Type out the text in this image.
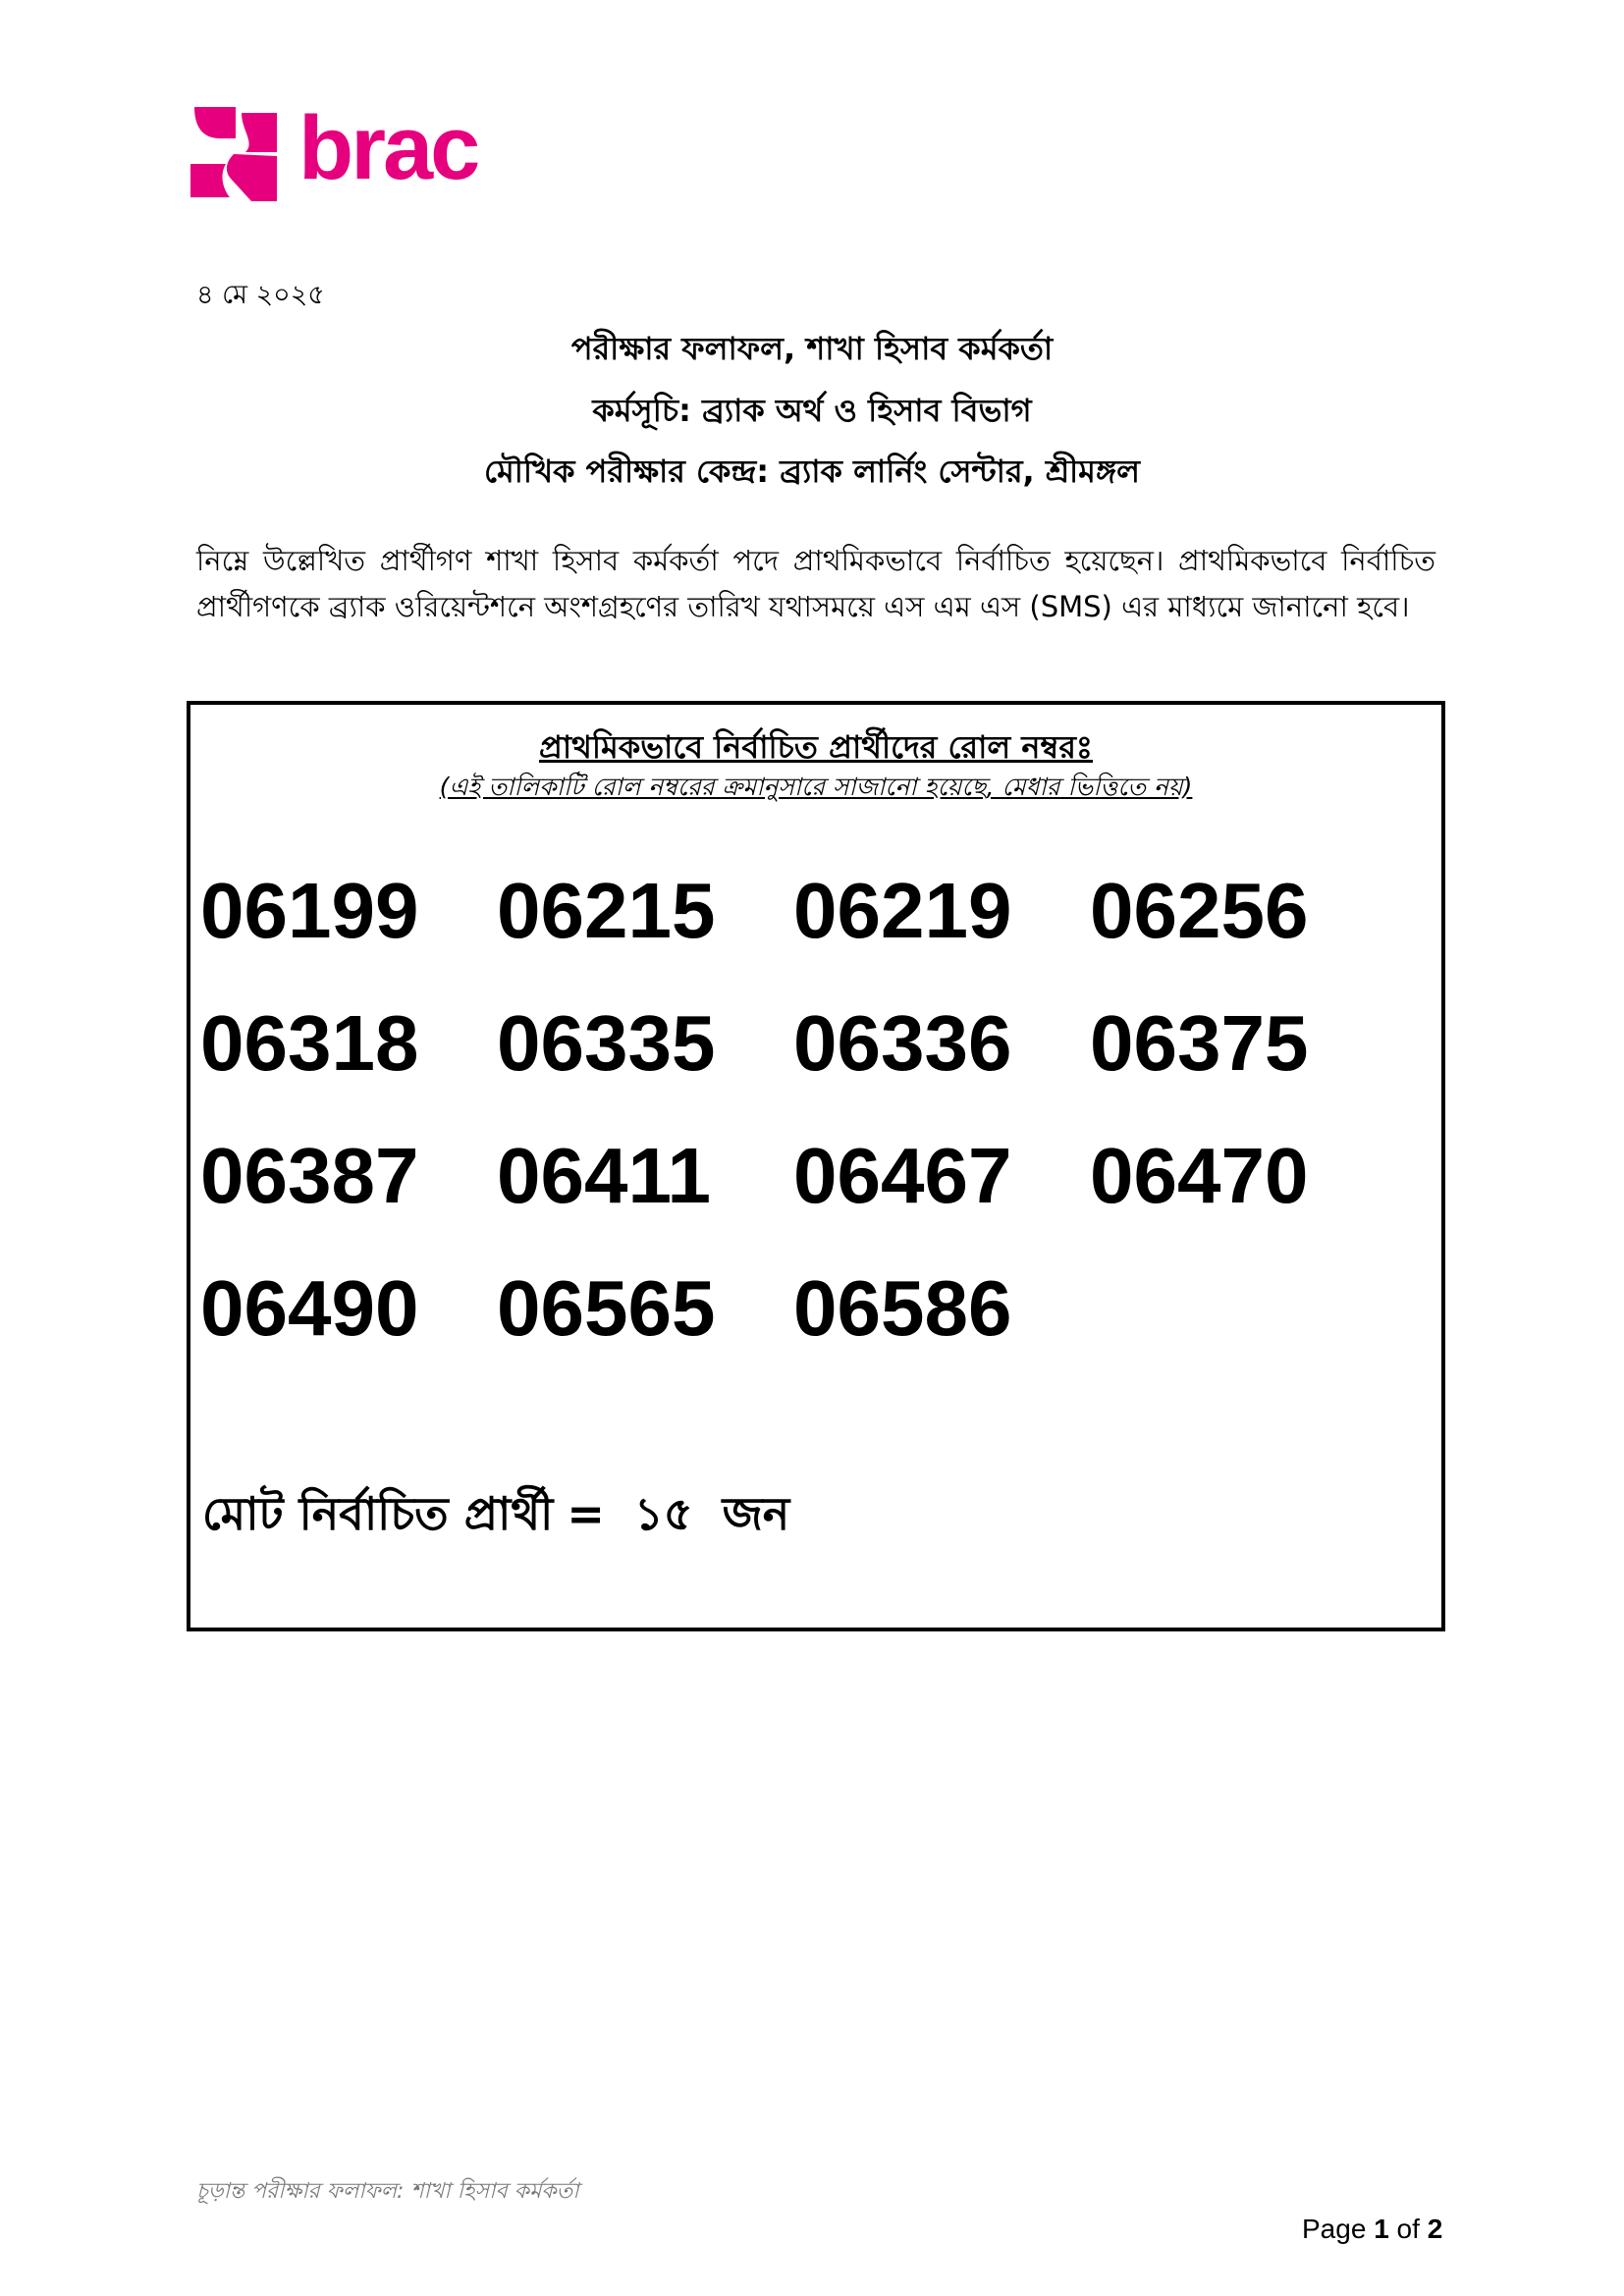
brac
৪ মে ২০২৫
পরীক্ষার ফলাফল, শাখা হিসাব কর্মকর্তা
কর্মসূচি: ব্র্যাক অর্থ ও হিসাব বিভাগ
মৌখিক পরীক্ষার কেন্দ্র: ব্র্যাক লার্নিং সেন্টার, শ্রীমঙ্গল
নিম্নে উল্লেখিত প্রার্থীগণ শাখা হিসাব কর্মকর্তা পদে প্রাথমিকভাবে নির্বাচিত হয়েছেন। প্রাথমিকভাবে নির্বাচিত প্রার্থীগণকে ব্র্যাক ওরিয়েন্টশনে অংশগ্রহণের তারিখ যথাসময়ে এস এম এস (SMS) এর মাধ্যমে জানানো হবে।
প্রাথমিকভাবে নির্বাচিত প্রার্থীদের রোল নম্বরঃ
(এই তালিকাটি রোল নম্বরের ক্রমানুসারে সাজানো হয়েছে, মেধার ভিত্তিতে নয়)
06199 06215 06219 06256
06318 06335 06336 06375
06387 06411	06467 06470
06490 06565 06586
মোট নির্বাচিত প্রার্থী = ১৫ জন
চূড়ান্ত পরীক্ষার ফলাফল: শাখা হিসাব কর্মকর্তা
Page 1 of 2
